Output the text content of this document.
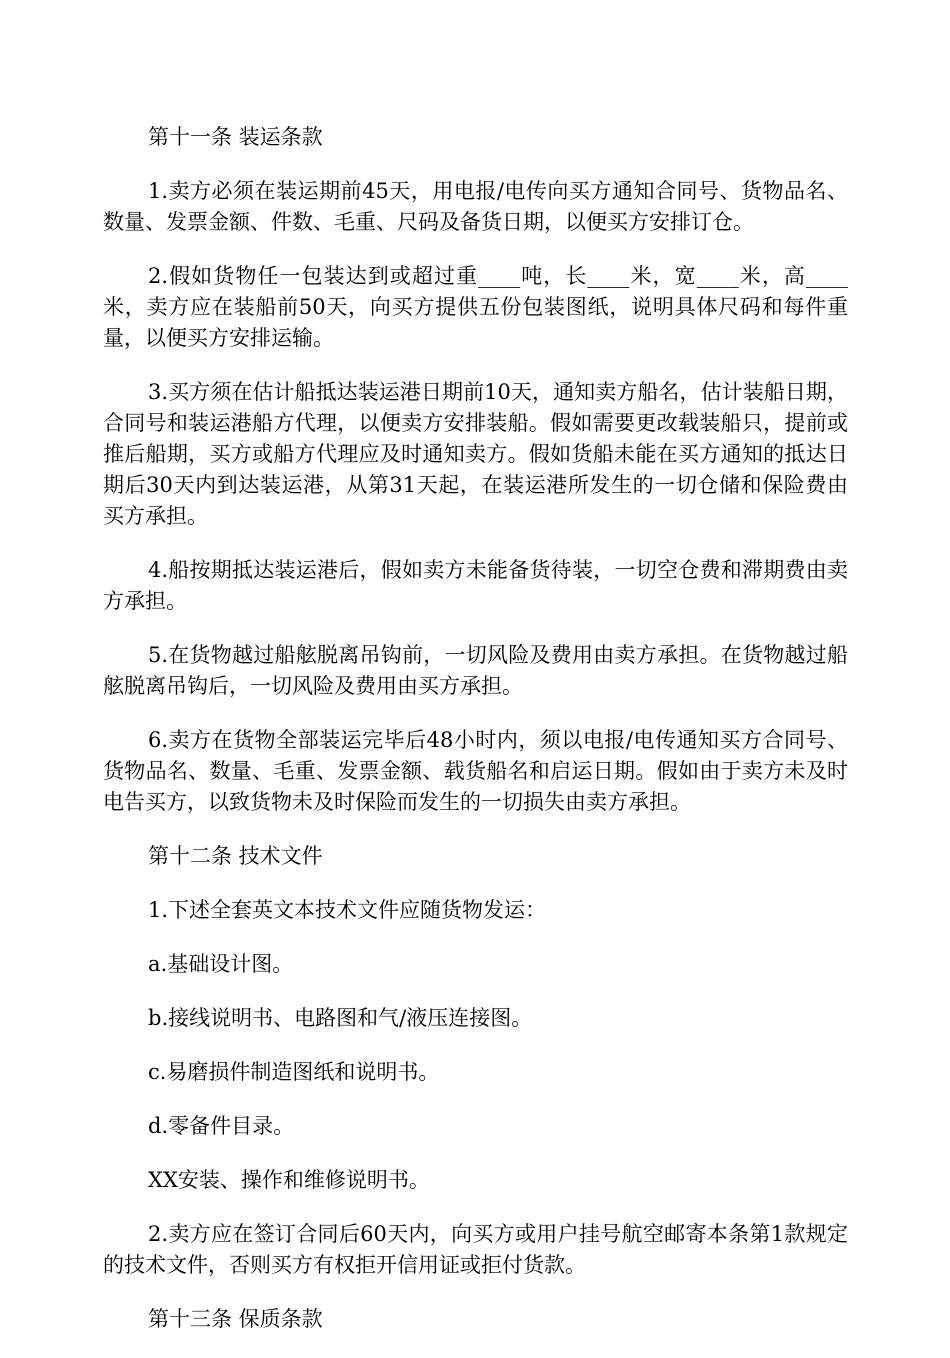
第十一条 装运条款

1.卖方必须在装运期前45天，用电报/电传向买方通知合同号、货物品名、数量、发票金额、件数、毛重、尺码及备货日期，以便买方安排订仓。

2.假如货物任一包装达到或超过重____吨，长____米，宽____米，高____米，卖方应在装船前50天，向买方提供五份包装图纸，说明具体尺码和每件重量，以便买方安排运输。

3.买方须在估计船抵达装运港日期前10天，通知卖方船名，估计装船日期，合同号和装运港船方代理，以便卖方安排装船。假如需要更改载装船只，提前或推后船期，买方或船方代理应及时通知卖方。假如货船未能在买方通知的抵达日期后30天内到达装运港，从第31天起，在装运港所发生的一切仓储和保险费由买方承担。

4.船按期抵达装运港后，假如卖方未能备货待装，一切空仓费和滞期费由卖方承担。

5.在货物越过船舷脱离吊钩前，一切风险及费用由卖方承担。在货物越过船舷脱离吊钩后，一切风险及费用由买方承担。

6.卖方在货物全部装运完毕后48小时内，须以电报/电传通知买方合同号、货物品名、数量、毛重、发票金额、载货船名和启运日期。假如由于卖方未及时电告买方，以致货物未及时保险而发生的一切损失由卖方承担。

第十二条 技术文件

1.下述全套英文本技术文件应随货物发运：

a.基础设计图。

b.接线说明书、电路图和气/液压连接图。

c.易磨损件制造图纸和说明书。

d.零备件目录。

XX安装、操作和维修说明书。

2.卖方应在签订合同后60天内，向买方或用户挂号航空邮寄本条第1款规定的技术文件，否则买方有权拒开信用证或拒付货款。

第十三条 保质条款
